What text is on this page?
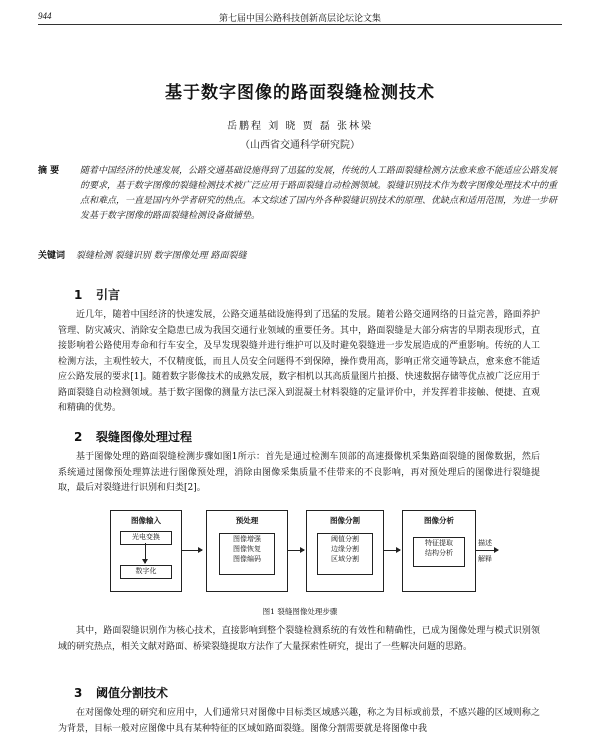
944	第七届中国公路科技创新高层论坛论文集
基于数字图像的路面裂缝检测技术
岳鹏程 刘 晓 贾 磊 张林梁
（山西省交通科学研究院）
摘 要 随着中国经济的快速发展，公路交通基础设施得到了迅猛的发展，传统的人工路面裂缝检测方法愈来愈不能适应公路发展的要求，基于数字图像的裂缝检测技术被广泛应用于路面裂缝自动检测领域。裂缝识别技术作为数字图像处理技术中的重点和难点，一直是国内外学者研究的热点。本文综述了国内外各种裂缝识别技术的原理、优缺点和适用范围，为进一步研发基于数字图像的路面裂缝检测设备做铺垫。
关键词 裂缝检测 裂缝识别 数字图像处理 路面裂缝
1 引言
近几年，随着中国经济的快速发展，公路交通基础设施得到了迅猛的发展。随着公路交通网络的日益完善，路面养护管理、防灾减灾、消除安全隐患已成为我国交通行业领域的重要任务。其中，路面裂缝是大部分病害的早期表现形式，直接影响着公路使用寿命和行车安全，及早发现裂缝并进行维护可以及时避免裂缝进一步发展造成的严重影响。传统的人工检测方法，主观性较大，不仅精度低，而且人员安全问题得不到保障，操作费用高，影响正常交通等缺点，愈来愈不能适应公路发展的要求[1]。随着数字影像技术的成熟发展，数字相机以其高质量图片拍摄、快速数据存储等优点被广泛应用于路面裂缝自动检测领域。基于数字图像的测量方法已深入到混凝土材料裂缝的定量评价中，并发挥着非接触、便捷、直观和精确的优势。
2 裂缝图像处理过程
基于图像处理的路面裂缝检测步骤如图1所示：首先是通过检测车顶部的高速摄像机采集路面裂缝的图像数据，然后系统通过图像预处理算法进行图像预处理，消除由图像采集质量不佳带来的不良影响，再对预处理后的图像进行裂缝提取，最后对裂缝进行识别和归类[2]。
图像输入
光电变换
数字化
预处理
图像增强
图像恢复
图像编码
图像分割
阈值分割
边缘分割
区域分割
图像分析
特征提取
结构分析
描述
解释
图1 裂缝图像处理步骤
其中，路面裂缝识别作为核心技术，直接影响到整个裂缝检测系统的有效性和精确性，已成为图像处理与模式识别领域的研究热点，相关文献对路面、桥梁裂缝提取方法作了大量探索性研究，提出了一些解决问题的思路。
3 阈值分割技术
在对图像处理的研究和应用中，人们通常只对图像中目标类区域感兴趣，称之为目标或前景，不感兴趣的区域则称之为背景，目标一般对应图像中具有某种特征的区域如路面裂缝。图像分割需要就是将图像中我
